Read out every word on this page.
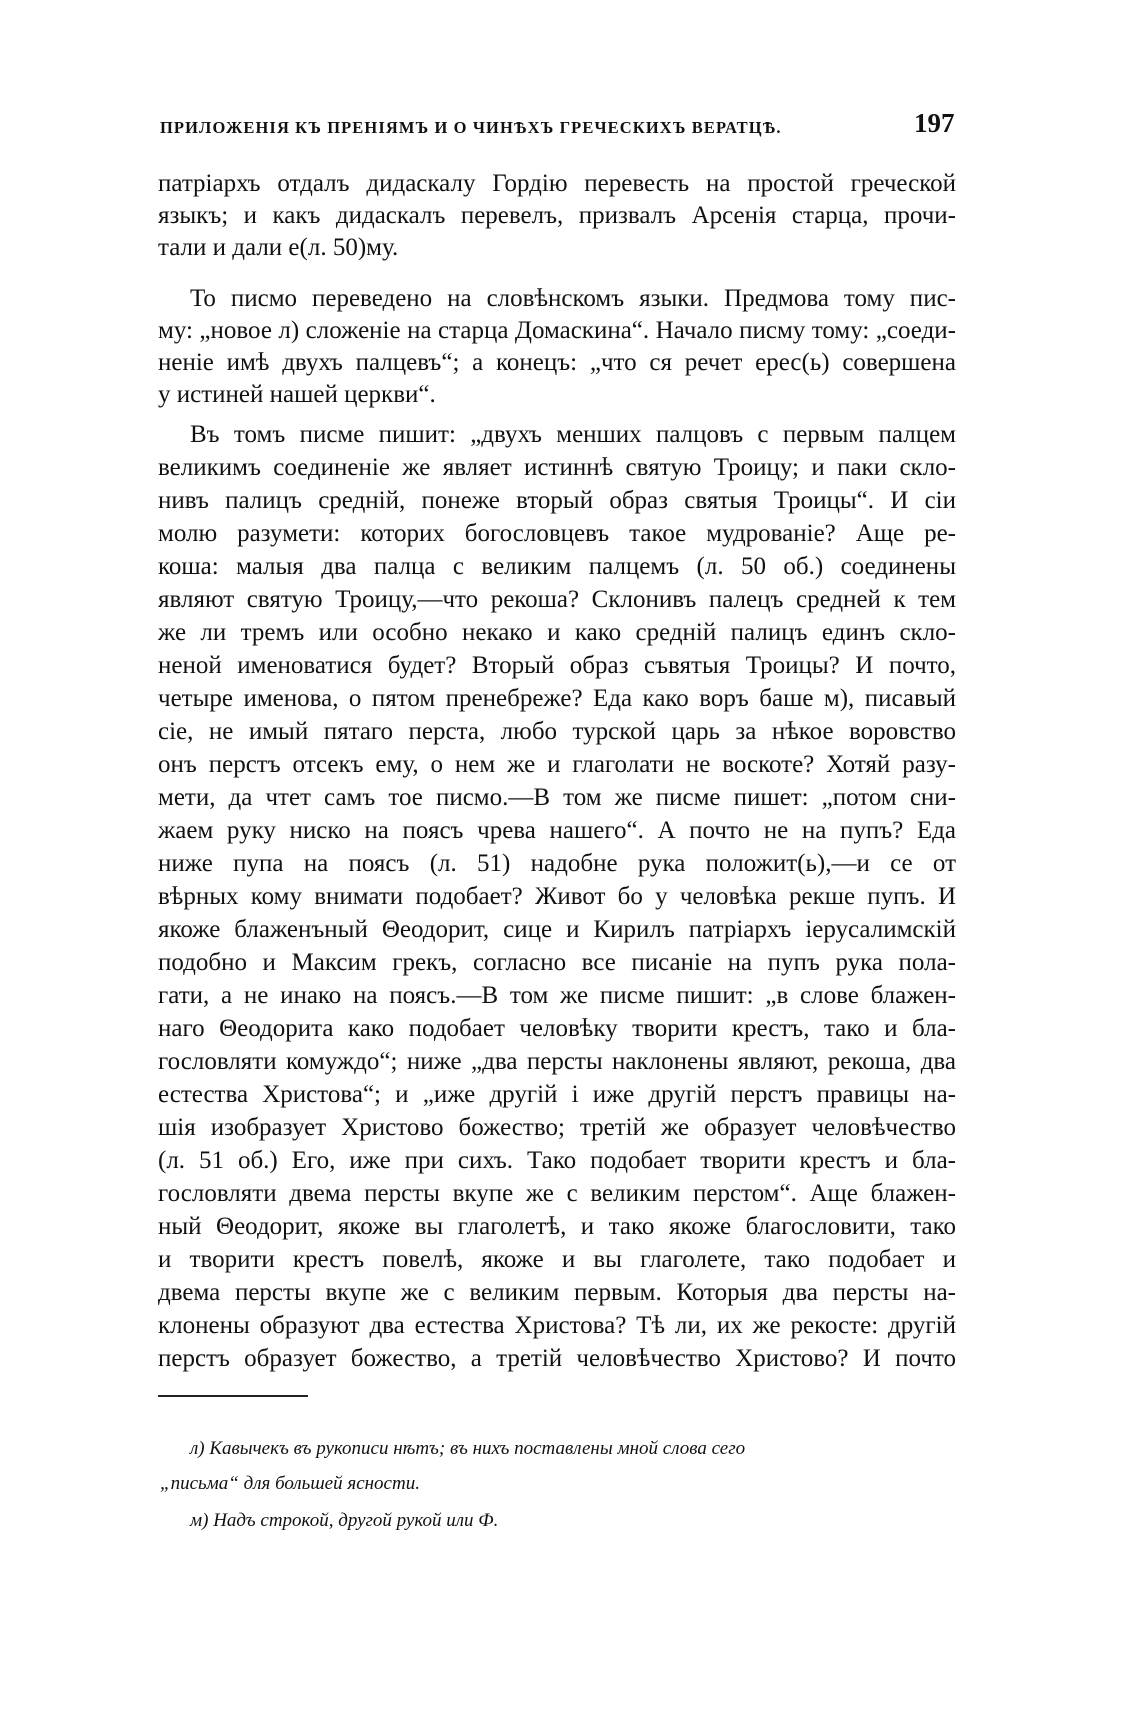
ПРИЛОЖЕНІЯ КЪ ПРЕНІЯМЪ И О ЧИНѢХЪ ГРЕЧЕСКИХЪ ВЕРАТЦѢ.	197
патріархъ отдалъ дидаскалу Гордію перевесть на простой греческой
языкъ; и какъ дидаскалъ перевелъ, призвалъ Арсенія старца, прочи-
тали и дали е(л. 50)му.
То писмо переведено на словѣнскомъ языки. Предмова тому пис-
му: „новое л) сложеніе на старца Домаскина“. Начало писму тому: „соеди-
неніе имѣ двухъ палцевъ“; а конецъ: „что ся речет ерес(ь) совершена
у истиней нашей церкви“.
Въ томъ писме пишит: „двухъ менших палцовъ с первым палцем
великимъ соединеніе же являет истиннѣ святую Троицу; и паки склo-
нивъ палицъ средній, понеже вторый образ святыя Троицы“. И сіи
молю разумети: которих богословцевъ такое мудрованіе? Аще ре-
коша: малыя два палца с великим палцемъ (л. 50 об.) соединены
являют святую Троицу,—что рекоша? Склонивъ палецъ средней к тем
же ли тремъ или особно некако и како средній палицъ единъ склo-
неной именоватися будет? Вторый образ съвятыя Троицы? И почто,
четыре именова, о пятом пренебреже? Еда како воръ баше м), писавый
сіе, не имый пятаго перста, любо турской царь за нѣкое воровство
онъ перстъ отсекъ ему, о нем же и глаголати не воскоте? Хотяй разу-
мети, да чтет самъ тое писмо.—В том же писме пишет: „потом сни-
жаем руку ниско на поясъ чрева нашего“. А почто не на пупъ? Еда
ниже пупа на поясъ (л. 51) надобне рука положит(ь),—и се от
вѣрных кому внимати подобает? Живот бо у человѣка рекше пупъ. И
якоже блаженъный Θеодорит, сице и Кирилъ патріархъ іерусалимскій
подобно и Максим грекъ, согласно все писаніе на пупъ рука пола-
гати, а не инако на поясъ.—В том же писме пишит: „в слове блажен-
наго Θеодорита како подобает человѣку творити крестъ, тако и бла-
гословляти комуждо“; ниже „два персты наклонены являют, рекоша, два
естества Христова“; и „иже другій і иже другій перстъ правицы на-
шія изобразует Христово божество; третій же образует человѣчество
(л. 51 об.) Его, иже при сихъ. Тако подобает творити крестъ и бла-
гословляти двема персты вкупе же с великим перстом“. Аще блажен-
ный Θеодорит, якоже вы глаголетѣ, и тако якоже благословити, тако
и творити крестъ повелѣ, якоже и вы глаголете, тако подобает и
двема персты вкупе же с великим первым. Которыя два персты на-
клонены образуют два естества Христова? Тѣ ли, их же рекосте: другій
перстъ образует божество, а третій человѣчество Христово? И почто
л) Кавычекъ въ рукописи нѣтъ; въ нихъ поставлены мной слова сего
„письма“ для большей ясности.
м) Надъ строкой, другой рукой или Ф.
